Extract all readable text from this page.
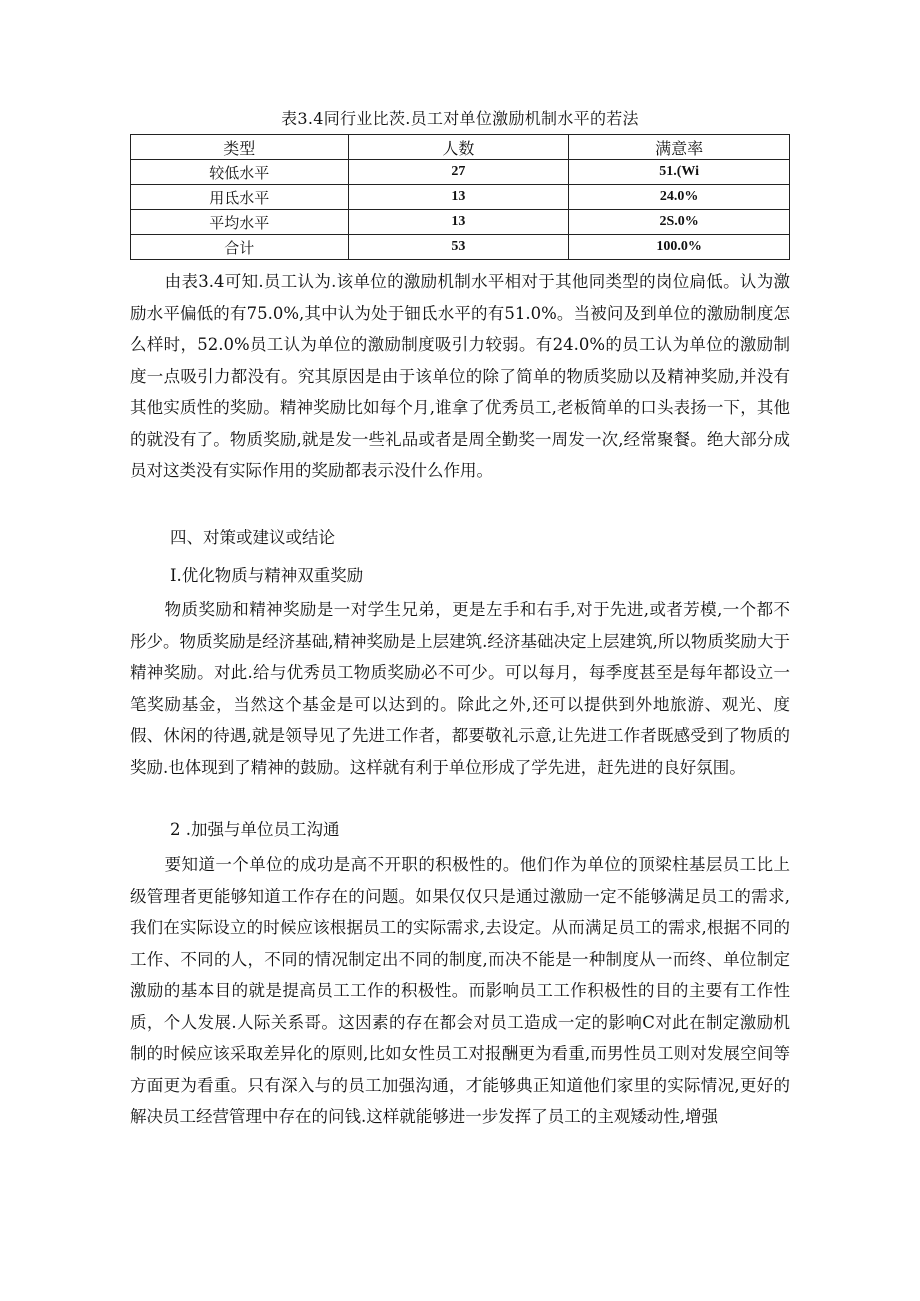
表3.4同行业比茨.员工对单位激励机制水平的若法
类型	人数	满意率
较低水平	27	51.(Wi
用氐水平	13	24.0%
平均水平	13	2S.0%
合计	53	100.0%

由表3.4可知.员工认为.该单位的激励机制水平相对于其他同类型的岗位扃低。认为激励水平偏低的有75.0%,其中认为处于钿氐水平的有51.0%。当被问及到单位的激励制度怎么样时，52.0%员工认为单位的激励制度吸引力较弱。有24.0%的员工认为单位的激励制度一点吸引力都没有。究其原因是由于该单位的除了简单的物质奖励以及精神奖励,并没有其他实质性的奖励。精神奖励比如每个月,谁拿了优秀员工,老板简单的口头表扬一下，其他的就没有了。物质奖励,就是发一些礼品或者是周全勤奖一周发一次,经常聚餐。绝大部分成员对这类没有实际作用的奖励都表示没什么作用。

四、对策或建议或结论

I.优化物质与精神双重奖励

物质奖励和精神奖励是一对学生兄弟，更是左手和右手,对于先进,或者芳模,一个都不彤少。物质奖励是经济基础,精神奖励是上层建筑.经济基础决定上层建筑,所以物质奖励大于精神奖励。对此.给与优秀员工物质奖励必不可少。可以每月，每季度甚至是每年都设立一笔奖励基金，当然这个基金是可以达到的。除此之外,还可以提供到外地旅游、观光、度假、休闲的待遇,就是领导见了先进工作者，都要敬礼示意,让先进工作者既感受到了物质的奖励.也体现到了精神的鼓励。这样就有利于单位形成了学先进，赶先进的良好氛围。

2 .加强与单位员工沟通

要知道一个单位的成功是高不开职的积极性的。他们作为单位的顶梁柱基层员工比上级管理者更能够知道工作存在的问题。如果仅仅只是通过激励一定不能够满足员工的需求,我们在实际设立的时候应该根据员工的实际需求,去设定。从而满足员工的需求,根据不同的工作、不同的人，不同的情况制定出不同的制度,而决不能是一种制度从一而终、单位制定激励的基本目的就是提高员工工作的积极性。而影响员工工作积极性的目的主要有工作性质，个人发展.人际关系哥。这因素的存在都会对员工造成一定的影响C对此在制定激励机制的时候应该采取差异化的原则,比如女性员工对报酬更为看重,而男性员工则对发展空间等方面更为看重。只有深入与的员工加强沟通，才能够典正知道他们家里的实际情况,更好的解决员工经营管理中存在的问钱.这样就能够进一步发挥了员工的主观矮动性,增强
